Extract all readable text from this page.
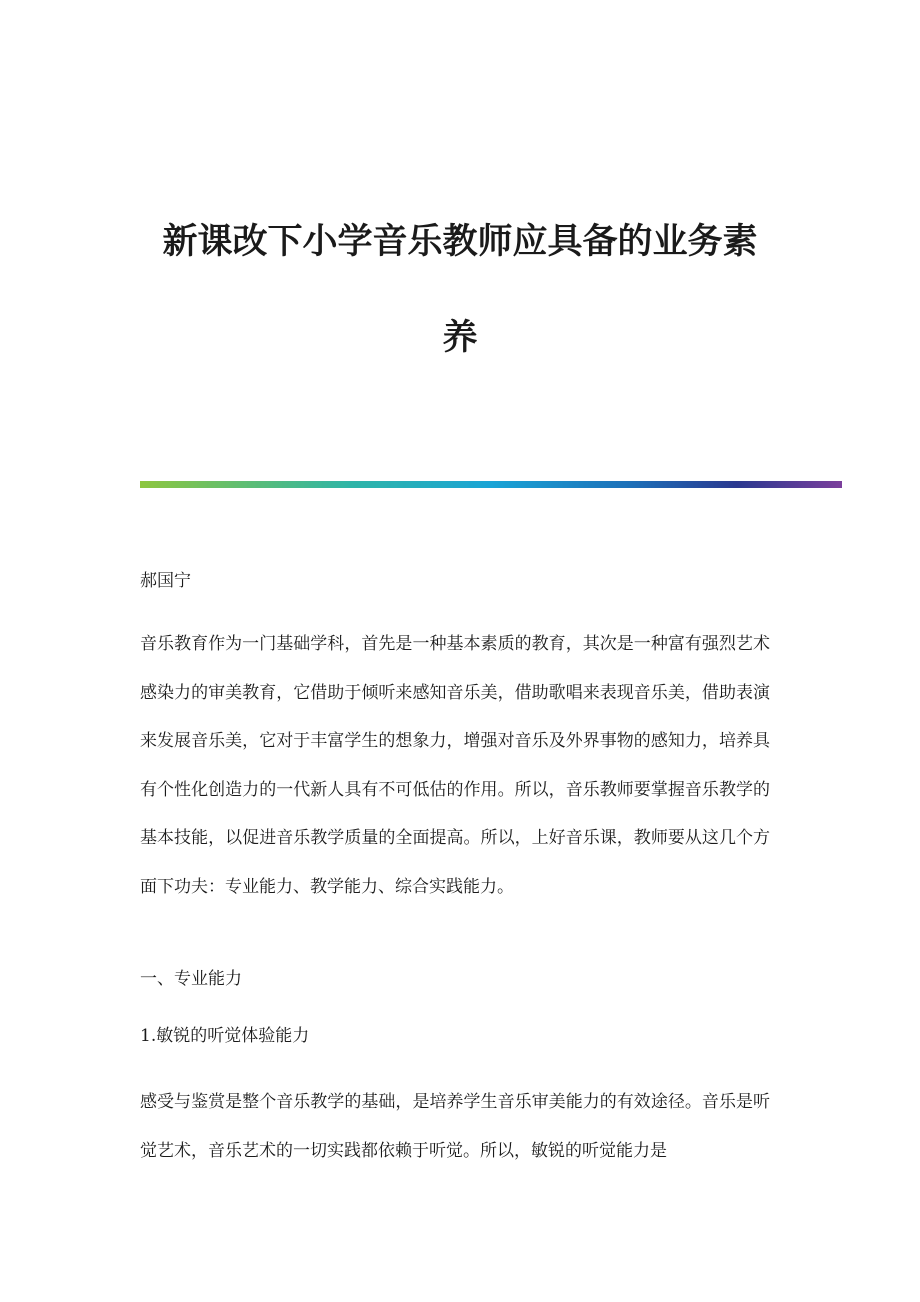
新课改下小学音乐教师应具备的业务素
养

郝国宁

音乐教育作为一门基础学科，首先是一种基本素质的教育，其次是一种富有强烈艺术感染力的审美教育，它借助于倾听来感知音乐美，借助歌唱来表现音乐美，借助表演来发展音乐美，它对于丰富学生的想象力，增强对音乐及外界事物的感知力，培养具有个性化创造力的一代新人具有不可低估的作用。所以，音乐教师要掌握音乐教学的基本技能，以促进音乐教学质量的全面提高。所以，上好音乐课，教师要从这几个方面下功夫：专业能力、教学能力、综合实践能力。

一、专业能力

1.敏锐的听觉体验能力

感受与鉴赏是整个音乐教学的基础，是培养学生音乐审美能力的有效途径。音乐是听觉艺术，音乐艺术的一切实践都依赖于听觉。所以，敏锐的听觉能力是
